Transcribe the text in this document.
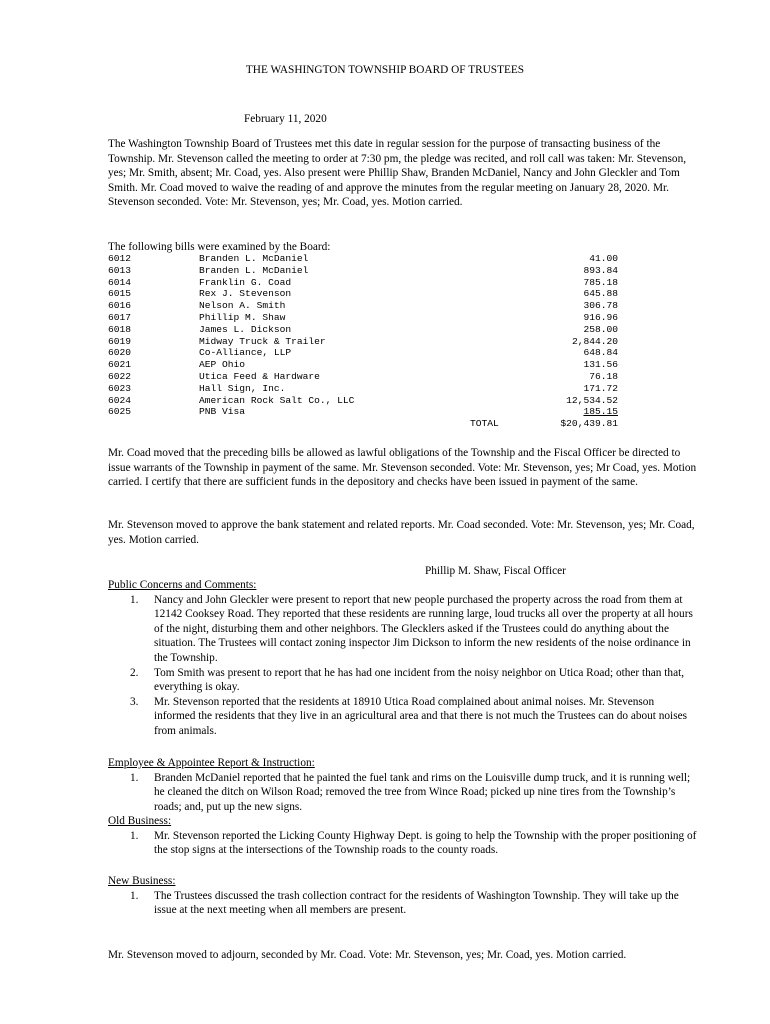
THE WASHINGTON TOWNSHIP BOARD OF TRUSTEES
February 11, 2020

The Washington Township Board of Trustees met this date in regular session for the purpose of transacting business of the Township. Mr. Stevenson called the meeting to order at 7:30 pm, the pledge was recited, and roll call was taken: Mr. Stevenson, yes; Mr. Smith, absent; Mr. Coad, yes. Also present were Phillip Shaw, Branden McDaniel, Nancy and John Gleckler and Tom Smith. Mr. Coad moved to waive the reading of and approve the minutes from the regular meeting on January 28, 2020. Mr. Stevenson seconded. Vote: Mr. Stevenson, yes; Mr. Coad, yes. Motion carried.

The following bills were examined by the Board:
6012	Branden L. McDaniel	41.00
6013	Branden L. McDaniel	893.84
6014	Franklin G. Coad	785.18
6015	Rex J. Stevenson	645.88
6016	Nelson A. Smith	306.78
6017	Phillip M. Shaw	916.96
6018	James L. Dickson	258.00
6019	Midway Truck & Trailer	2,844.20
6020	Co-Alliance, LLP	648.84
6021	AEP Ohio	131.56
6022	Utica Feed & Hardware	76.18
6023	Hall Sign, Inc.	171.72
6024	American Rock Salt Co., LLC	12,534.52
6025	PNB Visa	185.15
TOTAL	$20,439.81

Mr. Coad moved that the preceding bills be allowed as lawful obligations of the Township and the Fiscal Officer be directed to issue warrants of the Township in payment of the same. Mr. Stevenson seconded. Vote: Mr. Stevenson, yes; Mr Coad, yes. Motion carried. I certify that there are sufficient funds in the depository and checks have been issued in payment of the same.

Mr. Stevenson moved to approve the bank statement and related reports. Mr. Coad seconded. Vote: Mr. Stevenson, yes; Mr. Coad, yes. Motion carried.

Phillip M. Shaw, Fiscal Officer

Public Concerns and Comments:

1. Nancy and John Gleckler were present to report that new people purchased the property across the road from them at 12142 Cooksey Road. They reported that these residents are running large, loud trucks all over the property at all hours of the night, disturbing them and other neighbors. The Glecklers asked if the Trustees could do anything about the situation. The Trustees will contact zoning inspector Jim Dickson to inform the new residents of the noise ordinance in the Township.
2. Tom Smith was present to report that he has had one incident from the noisy neighbor on Utica Road; other than that, everything is okay.
3. Mr. Stevenson reported that the residents at 18910 Utica Road complained about animal noises. Mr. Stevenson informed the residents that they live in an agricultural area and that there is not much the Trustees can do about noises from animals.

Employee & Appointee Report & Instruction:

1. Branden McDaniel reported that he painted the fuel tank and rims on the Louisville dump truck, and it is running well; he cleaned the ditch on Wilson Road; removed the tree from Wince Road; picked up nine tires from the Township’s roads; and, put up the new signs.

Old Business:

1. Mr. Stevenson reported the Licking County Highway Dept. is going to help the Township with the proper positioning of the stop signs at the intersections of the Township roads to the county roads.

New Business:

1. The Trustees discussed the trash collection contract for the residents of Washington Township. They will take up the issue at the next meeting when all members are present.

Mr. Stevenson moved to adjourn, seconded by Mr. Coad. Vote: Mr. Stevenson, yes; Mr. Coad, yes. Motion carried.
